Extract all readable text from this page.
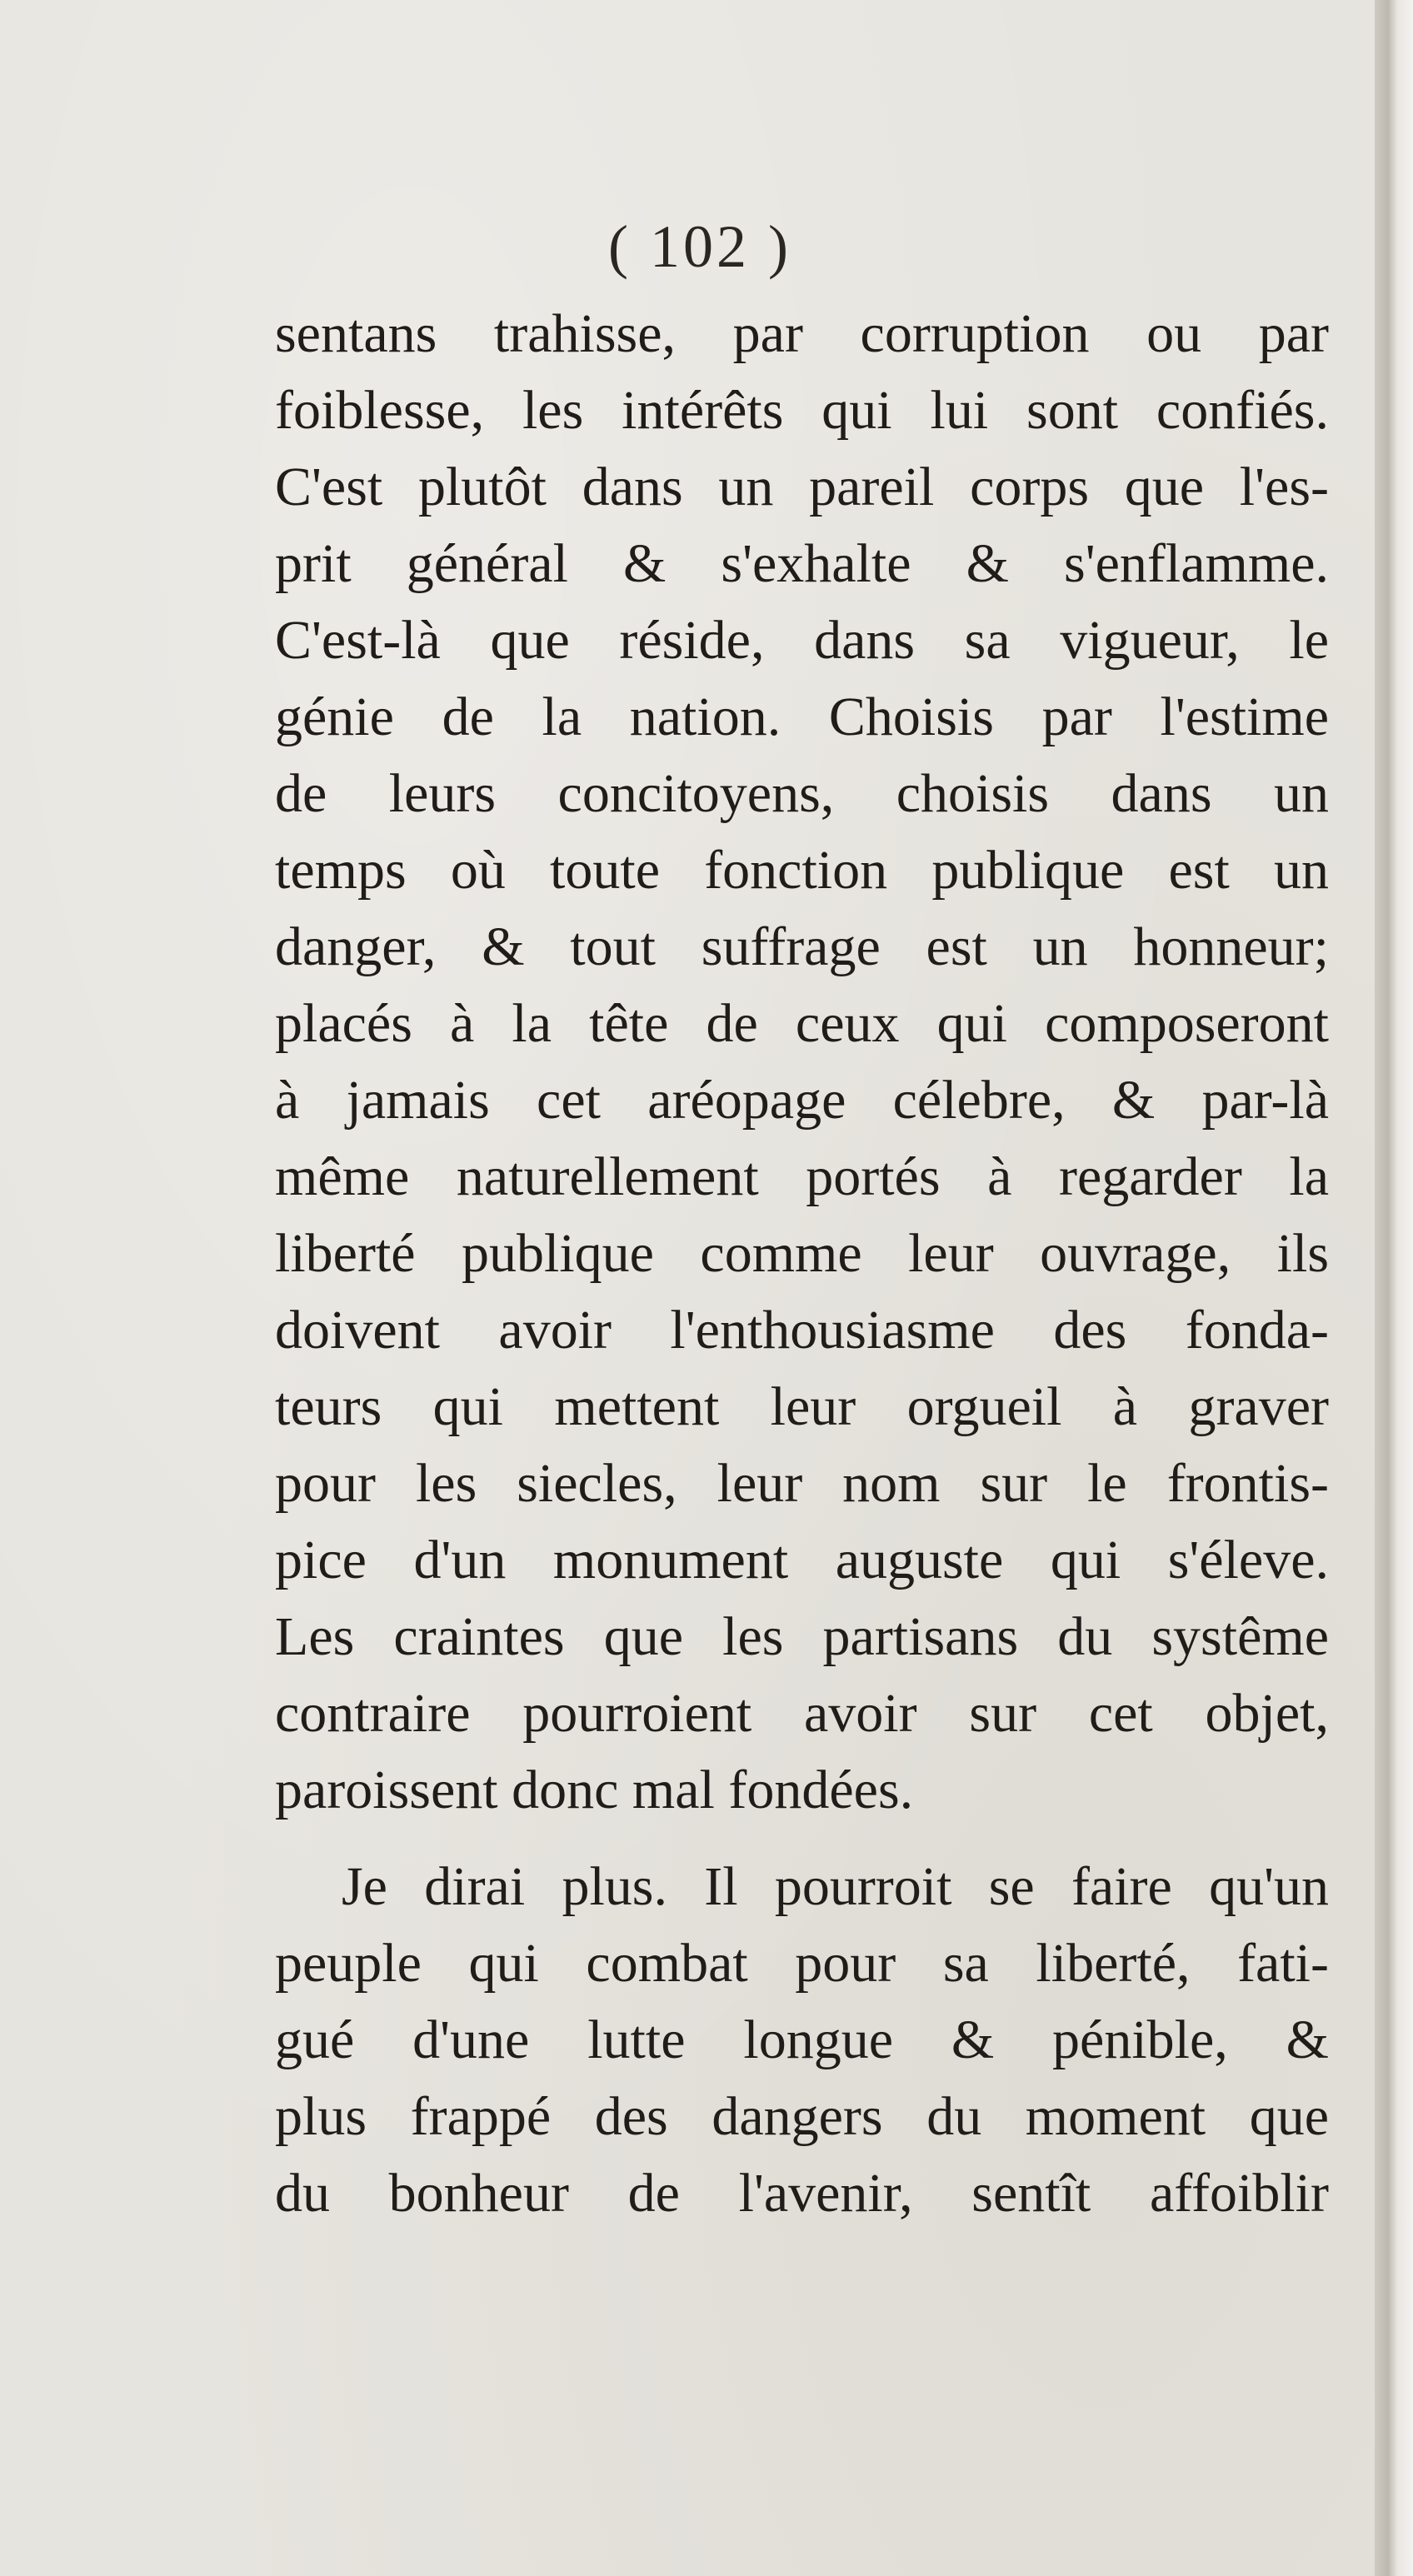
( 102 )
sentans trahisse, par corruption ou par
foiblesse, les intérêts qui lui sont confiés.
C'est plutôt dans un pareil corps que l'es-
prit général & s'exhalte & s'enflamme.
C'est-là que réside, dans sa vigueur, le
génie de la nation. Choisis par l'estime
de leurs concitoyens, choisis dans un
temps où toute fonction publique est un
danger, & tout suffrage est un honneur;
placés à la tête de ceux qui composeront
à jamais cet aréopage célebre, & par-là
même naturellement portés à regarder la
liberté publique comme leur ouvrage, ils
doivent avoir l'enthousiasme des fonda-
teurs qui mettent leur orgueil à graver
pour les siecles, leur nom sur le frontis-
pice d'un monument auguste qui s'éleve.
Les craintes que les partisans du systême
contraire pourroient avoir sur cet objet,
paroissent donc mal fondées.
Je dirai plus. Il pourroit se faire qu'un
peuple qui combat pour sa liberté, fati-
gué d'une lutte longue & pénible, &
plus frappé des dangers du moment que
du bonheur de l'avenir, sentît affoiblir
